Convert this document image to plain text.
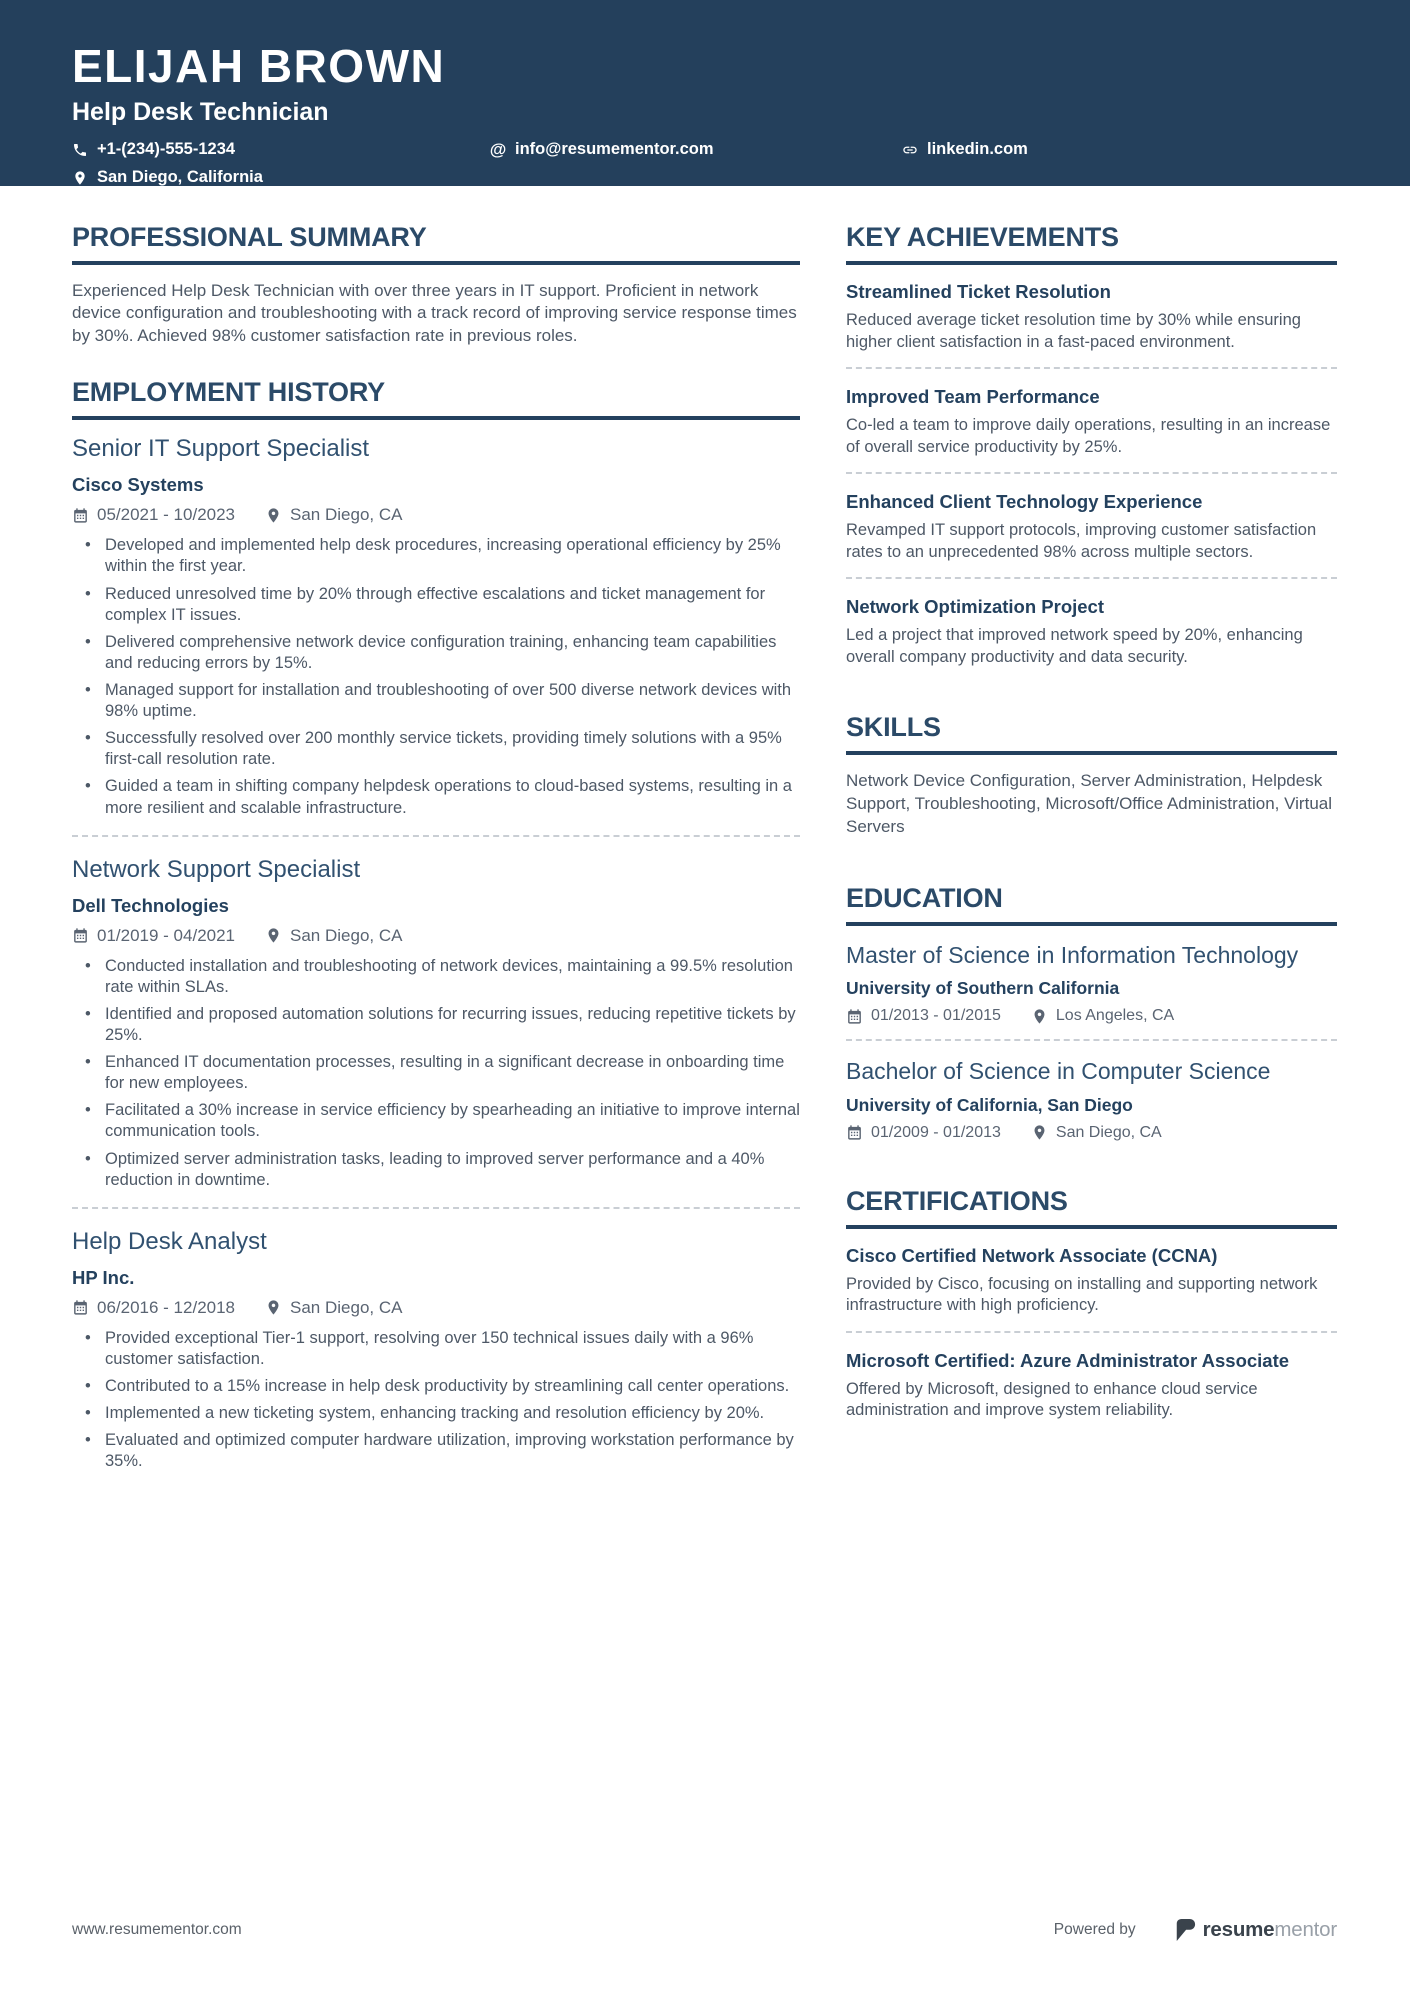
ELIJAH BROWN
Help Desk Technician
+1-(234)-555-1234	@ info@resumementor.com	linkedin.com
San Diego, California
PROFESSIONAL SUMMARY

Experienced Help Desk Technician with over three years in IT support. Proficient in network device configuration and troubleshooting with a track record of improving service response times by 30%. Achieved 98% customer satisfaction rate in previous roles.

EMPLOYMENT HISTORY
Senior IT Support Specialist
Cisco Systems
05/2021 - 10/2023	San Diego, CA
• Developed and implemented help desk procedures, increasing operational efficiency by 25% within the first year.
• Reduced unresolved time by 20% through effective escalations and ticket management for complex IT issues.
• Delivered comprehensive network device configuration training, enhancing team capabilities and reducing errors by 15%.
• Managed support for installation and troubleshooting of over 500 diverse network devices with 98% uptime.
• Successfully resolved over 200 monthly service tickets, providing timely solutions with a 95% first-call resolution rate.
• Guided a team in shifting company helpdesk operations to cloud-based systems, resulting in a more resilient and scalable infrastructure.
Network Support Specialist
Dell Technologies
01/2019 - 04/2021	San Diego, CA
• Conducted installation and troubleshooting of network devices, maintaining a 99.5% resolution rate within SLAs.
• Identified and proposed automation solutions for recurring issues, reducing repetitive tickets by 25%.
• Enhanced IT documentation processes, resulting in a significant decrease in onboarding time for new employees.
• Facilitated a 30% increase in service efficiency by spearheading an initiative to improve internal communication tools.
• Optimized server administration tasks, leading to improved server performance and a 40% reduction in downtime.
Help Desk Analyst
HP Inc.
06/2016 - 12/2018	San Diego, CA
• Provided exceptional Tier-1 support, resolving over 150 technical issues daily with a 96% customer satisfaction.
• Contributed to a 15% increase in help desk productivity by streamlining call center operations.
• Implemented a new ticketing system, enhancing tracking and resolution efficiency by 20%.
• Evaluated and optimized computer hardware utilization, improving workstation performance by 35%.
KEY ACHIEVEMENTS
Streamlined Ticket Resolution
Reduced average ticket resolution time by 30% while ensuring higher client satisfaction in a fast-paced environment.
Improved Team Performance
Co-led a team to improve daily operations, resulting in an increase of overall service productivity by 25%.
Enhanced Client Technology Experience
Revamped IT support protocols, improving customer satisfaction rates to an unprecedented 98% across multiple sectors.
Network Optimization Project
Led a project that improved network speed by 20%, enhancing overall company productivity and data security.
SKILLS

Network Device Configuration, Server Administration, Helpdesk Support, Troubleshooting, Microsoft/Office Administration, Virtual Servers

EDUCATION
Master of Science in Information Technology
University of Southern California
01/2013 - 01/2015	Los Angeles, CA
Bachelor of Science in Computer Science
University of California, San Diego
01/2009 - 01/2013	San Diego, CA
CERTIFICATIONS
Cisco Certified Network Associate (CCNA)
Provided by Cisco, focusing on installing and supporting network infrastructure with high proficiency.
Microsoft Certified: Azure Administrator Associate
Offered by Microsoft, designed to enhance cloud service administration and improve system reliability.
www.resumementor.com	Powered by	resumementor
